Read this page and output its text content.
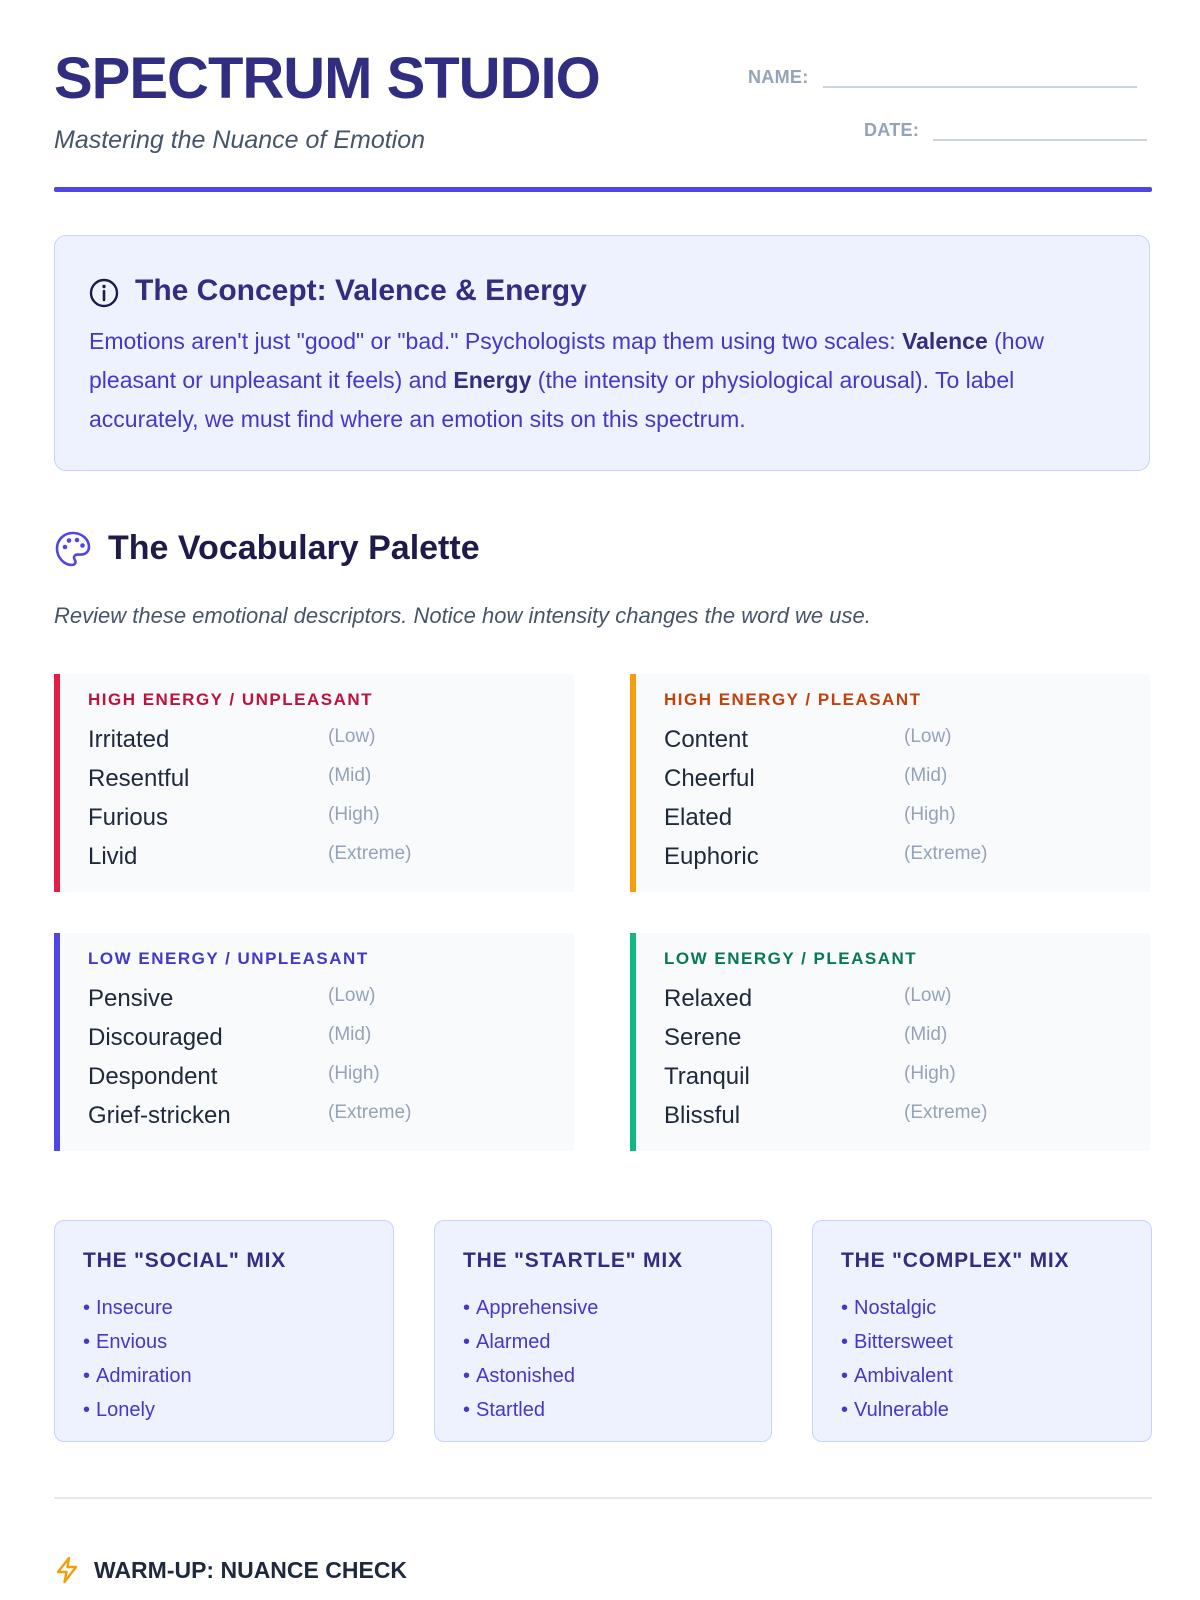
SPECTRUM STUDIO

Mastering the Nuance of Emotion

NAME:
DATE:
The Concept: Valence & Energy

Emotions aren't just "good" or "bad." Psychologists map them using two scales: Valence (how pleasant or unpleasant it feels) and Energy (the intensity or physiological arousal). To label accurately, we must find where an emotion sits on this spectrum.

The Vocabulary Palette

Review these emotional descriptors. Notice how intensity changes the word we use.

HIGH ENERGY / UNPLEASANT
Irritated	(Low)
Resentful	(Mid)
Furious	(High)
Livid	(Extreme)
HIGH ENERGY / PLEASANT
Content	(Low)
Cheerful	(Mid)
Elated	(High)
Euphoric	(Extreme)
LOW ENERGY / UNPLEASANT
Pensive	(Low)
Discouraged	(Mid)
Despondent	(High)
Grief-stricken	(Extreme)
LOW ENERGY / PLEASANT
Relaxed	(Low)
Serene	(Mid)
Tranquil	(High)
Blissful	(Extreme)
THE "SOCIAL" MIX
• Insecure
• Envious
• Admiration
• Lonely
THE "STARTLE" MIX
• Apprehensive
• Alarmed
• Astonished
• Startled
THE "COMPLEX" MIX
• Nostalgic
• Bittersweet
• Ambivalent
• Vulnerable
WARM-UP: NUANCE CHECK
